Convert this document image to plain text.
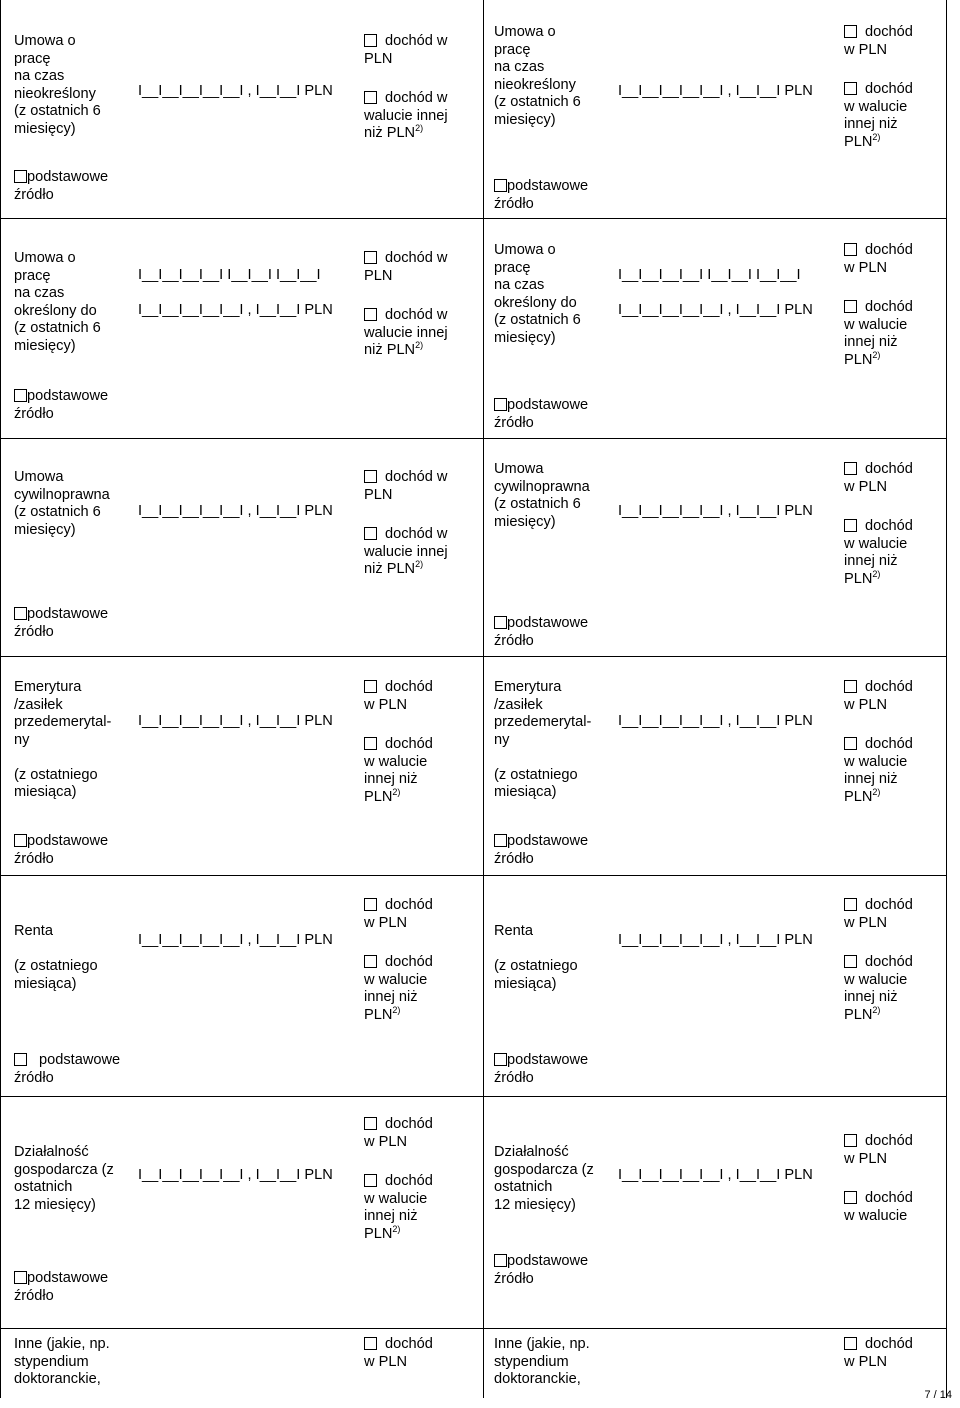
Umowa o
pracę
na czas
nieokreślony
(z ostatnich 6
miesięcy)
I__I__I__I__I__I , I__I__I PLN
dochód w
PLN
dochód w
walucie innej
niż PLN$^{2)}$
podstawowe
źródło
Umowa o
pracę
na czas
nieokreślony
(z ostatnich 6
miesięcy)
I__I__I__I__I__I , I__I__I PLN
dochód
w PLN
dochód
w walucie
innej niż
PLN$^{2)}$
podstawowe
źródło
Umowa o
pracę
na czas
określony do
(z ostatnich 6
miesięcy)
I__I__I__I__I I__I__I I__I__I
I__I__I__I__I__I , I__I__I PLN
dochód w
PLN
dochód w
walucie innej
niż PLN$^{2)}$
podstawowe
źródło
Umowa o
pracę
na czas
określony do
(z ostatnich 6
miesięcy)
I__I__I__I__I I__I__I I__I__I
I__I__I__I__I__I , I__I__I PLN
dochód
w PLN
dochód
w walucie
innej niż
PLN$^{2)}$
podstawowe
źródło
Umowa
cywilnoprawna
(z ostatnich 6
miesięcy)
I__I__I__I__I__I , I__I__I PLN
dochód w
PLN
dochód w
walucie innej
niż PLN$^{2)}$
podstawowe
źródło
Umowa
cywilnoprawna
(z ostatnich 6
miesięcy)
I__I__I__I__I__I , I__I__I PLN
dochód
w PLN
dochód
w walucie
innej niż
PLN$^{2)}$
podstawowe
źródło
Emerytura
/zasiłek
przedemerytal-
ny
(z ostatniego
miesiąca)
I__I__I__I__I__I , I__I__I PLN
dochód
w PLN
dochód
w walucie
innej niż
PLN$^{2)}$
podstawowe
źródło
Emerytura
/zasiłek
przedemerytal-
ny
(z ostatniego
miesiąca)
I__I__I__I__I__I , I__I__I PLN
dochód
w PLN
dochód
w walucie
innej niż
PLN$^{2)}$
podstawowe
źródło
Renta
(z ostatniego
miesiąca)
I__I__I__I__I__I , I__I__I PLN
dochód
w PLN
dochód
w walucie
innej niż
PLN$^{2)}$
podstawowe
źródło
Renta
(z ostatniego
miesiąca)
I__I__I__I__I__I , I__I__I PLN
dochód
w PLN
dochód
w walucie
innej niż
PLN$^{2)}$
podstawowe
źródło
Działalność
gospodarcza (z
ostatnich
12 miesięcy)
I__I__I__I__I__I , I__I__I PLN
dochód
w PLN
dochód
w walucie
innej niż
PLN$^{2)}$
podstawowe
źródło
Działalność
gospodarcza (z
ostatnich
12 miesięcy)
I__I__I__I__I__I , I__I__I PLN
dochód
w PLN
dochód
w walucie
podstawowe
źródło
Inne (jakie, np.
stypendium
doktoranckie,
dochód
w PLN
Inne (jakie, np.
stypendium
doktoranckie,
dochód
w PLN
7 / 14
